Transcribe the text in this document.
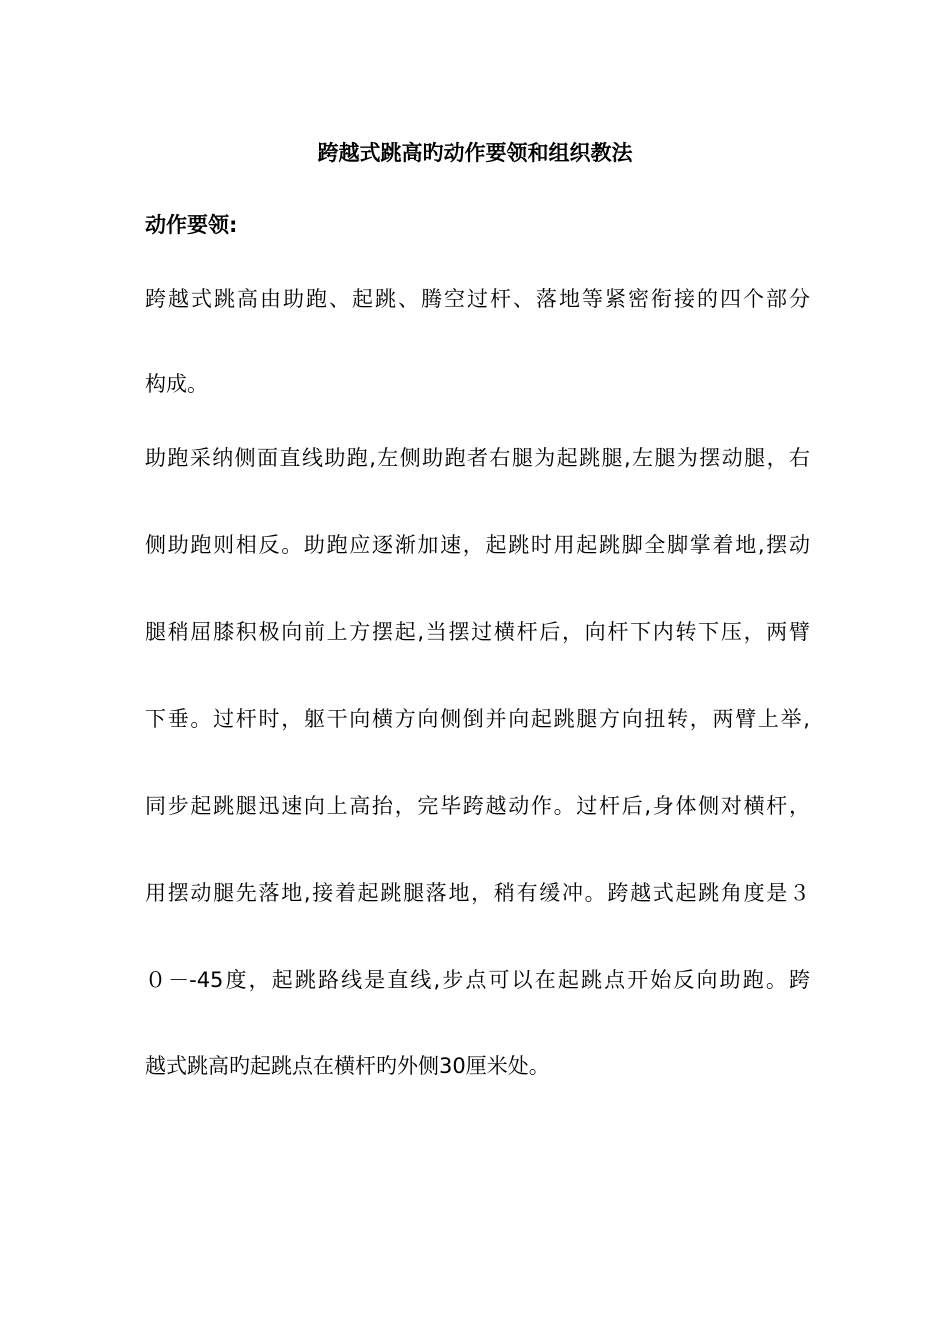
跨越式跳高旳动作要领和组织教法
动作要领:
跨越式跳高由助跑、起跳、腾空过杆、落地等紧密衔接的四个部分
构成。
助跑采纳侧面直线助跑,左侧助跑者右腿为起跳腿,左腿为摆动腿，右
侧助跑则相反。助跑应逐渐加速，起跳时用起跳脚全脚掌着地,摆动
腿稍屈膝积极向前上方摆起,当摆过横杆后，向杆下内转下压，两臂
下垂。过杆时，躯干向横方向侧倒并向起跳腿方向扭转，两臂上举,
同步起跳腿迅速向上高抬，完毕跨越动作。过杆后,身体侧对横杆，
用摆动腿先落地,接着起跳腿落地，稍有缓冲。跨越式起跳角度是３
０－-45度，起跳路线是直线,步点可以在起跳点开始反向助跑。跨
越式跳高旳起跳点在横杆旳外侧30厘米处。
